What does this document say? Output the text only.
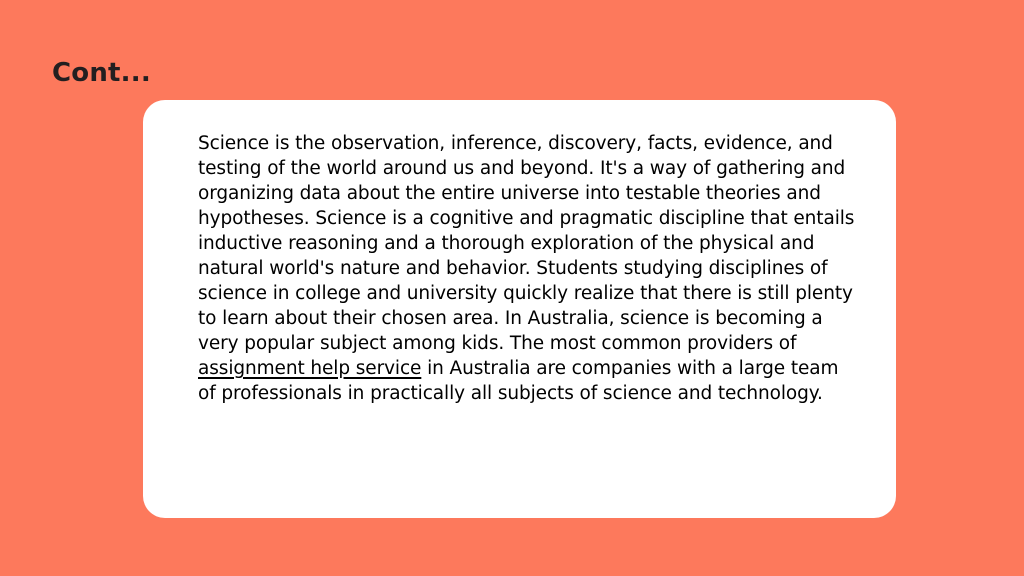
Cont...

Science is the observation, inference, discovery, facts, evidence, and testing of the world around us and beyond. It's a way of gathering and organizing data about the entire universe into testable theories and hypotheses. Science is a cognitive and pragmatic discipline that entails inductive reasoning and a thorough exploration of the physical and natural world's nature and behavior. Students studying disciplines of science in college and university quickly realize that there is still plenty to learn about their chosen area. In Australia, science is becoming a very popular subject among kids. The most common providers of assignment help service in Australia are companies with a large team of professionals in practically all subjects of science and technology.
